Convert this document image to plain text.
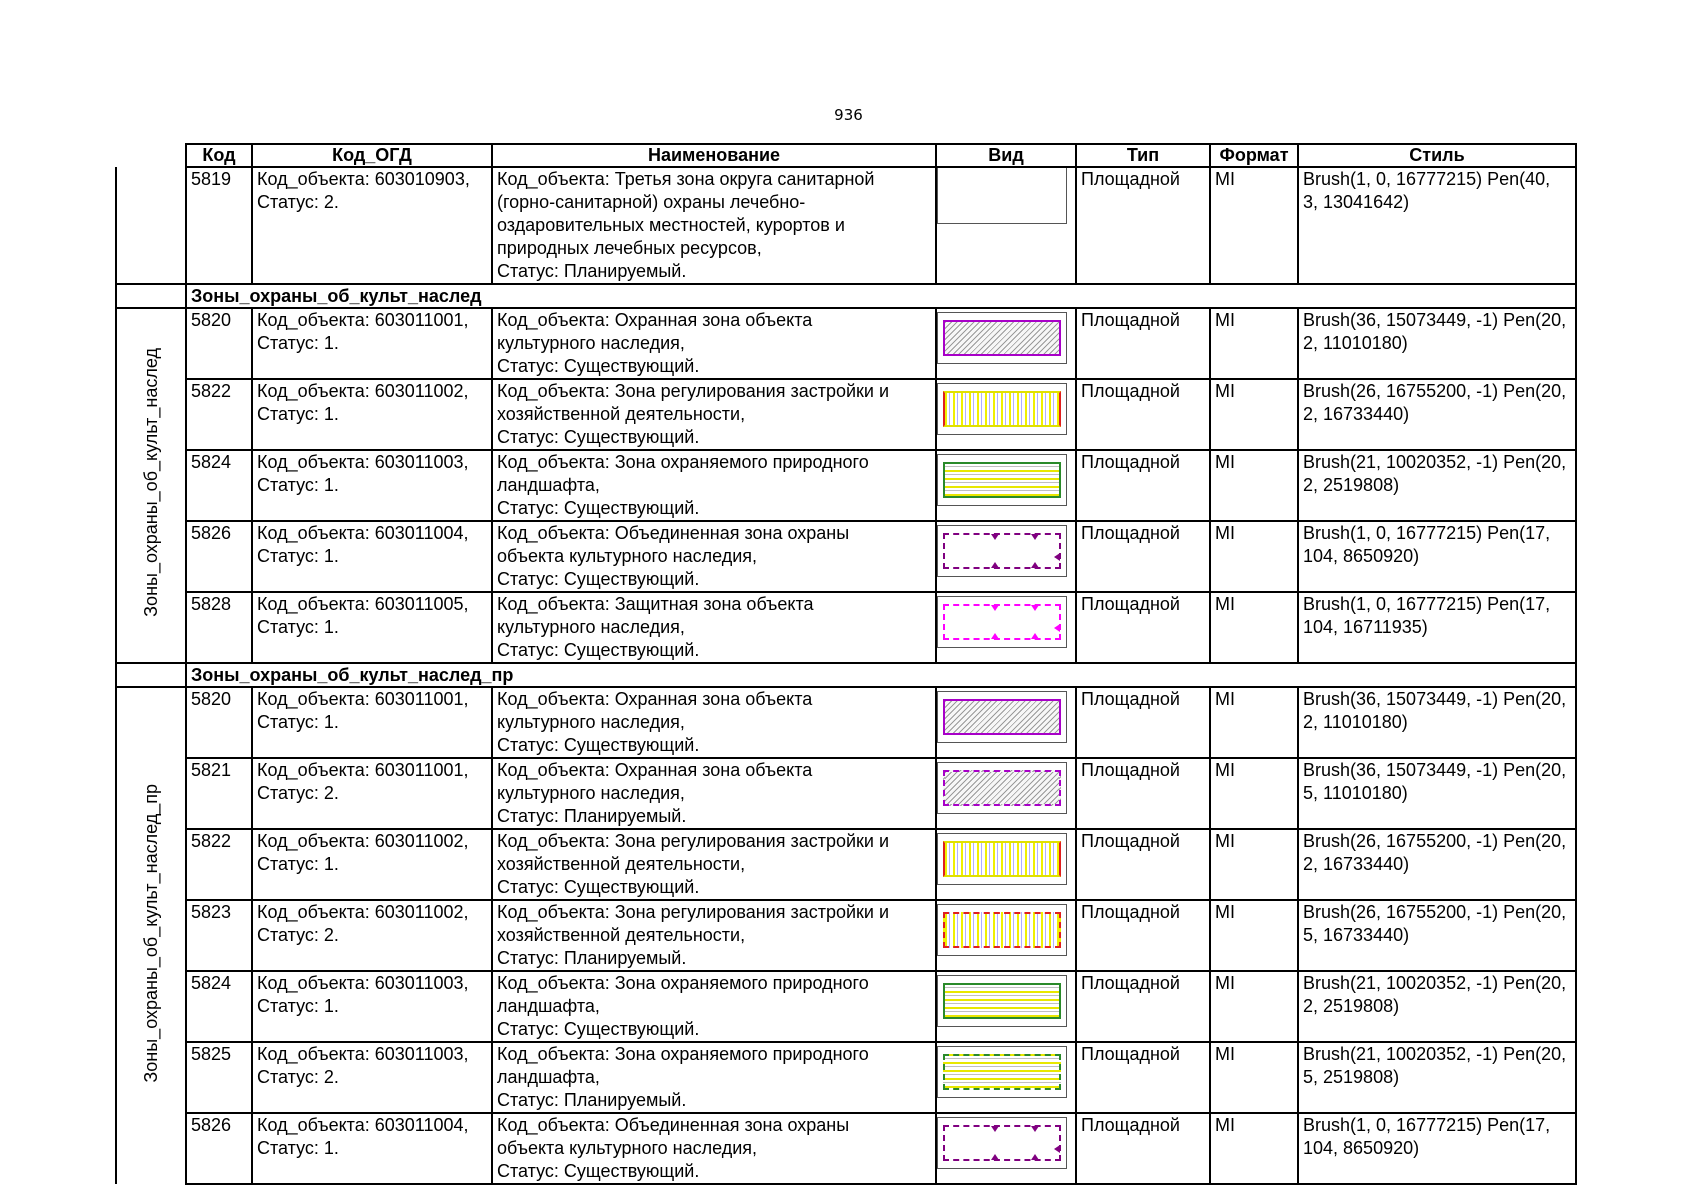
936
	Код	Код_ОГД	Наименование	Вид	Тип	Формат	Стиль
	5819	Код_объекта: 603010903,
Статус: 2.	Код_объекта: Третья зона округа санитарной
(горно-санитарной) охраны лечебно-
оздаровительных местностей, курортов и
природных лечебных ресурсов,
Статус: Планируемый.		Площадной	MI	Brush(1, 0, 16777215) Pen(40,
3, 13041642)

	Зоны_охраны_об_культ_наслед						
Зоны_охраны_об_культ_наслед	5820	Код_объекта: 603011001,
Статус: 1.	Код_объекта: Охранная зона объекта
культурного наследия,
Статус: Существующий.		Площадной	MI	Brush(36, 15073449, -1) Pen(20,
2, 11010180)

	5822	Код_объекта: 603011002,
Статус: 1.	Код_объекта: Зона регулирования застройки и
хозяйственной деятельности,
Статус: Существующий.		Площадной	MI	Brush(26, 16755200, -1) Pen(20,
2, 16733440)

	5824	Код_объекта: 603011003,
Статус: 1.	Код_объекта: Зона охраняемого природного
ландшафта,
Статус: Существующий.		Площадной	MI	Brush(21, 10020352, -1) Pen(20,
2, 2519808)

	5826	Код_объекта: 603011004,
Статус: 1.	Код_объекта: Объединенная зона охраны
объекта культурного наследия,
Статус: Существующий.		Площадной	MI	Brush(1, 0, 16777215) Pen(17,
104, 8650920)

	5828	Код_объекта: 603011005,
Статус: 1.	Код_объекта: Защитная зона объекта
культурного наследия,
Статус: Существующий.		Площадной	MI	Brush(1, 0, 16777215) Pen(17,
104, 16711935)

	Зоны_охраны_об_культ_наслед_пр						
Зоны_охраны_об_культ_наслед_пр	5820	Код_объекта: 603011001,
Статус: 1.	Код_объекта: Охранная зона объекта
культурного наследия,
Статус: Существующий.		Площадной	MI	Brush(36, 15073449, -1) Pen(20,
2, 11010180)

	5821	Код_объекта: 603011001,
Статус: 2.	Код_объекта: Охранная зона объекта
культурного наследия,
Статус: Планируемый.		Площадной	MI	Brush(36, 15073449, -1) Pen(20,
5, 11010180)

	5822	Код_объекта: 603011002,
Статус: 1.	Код_объекта: Зона регулирования застройки и
хозяйственной деятельности,
Статус: Существующий.		Площадной	MI	Brush(26, 16755200, -1) Pen(20,
2, 16733440)

	5823	Код_объекта: 603011002,
Статус: 2.	Код_объекта: Зона регулирования застройки и
хозяйственной деятельности,
Статус: Планируемый.		Площадной	MI	Brush(26, 16755200, -1) Pen(20,
5, 16733440)

	5824	Код_объекта: 603011003,
Статус: 1.	Код_объекта: Зона охраняемого природного
ландшафта,
Статус: Существующий.		Площадной	MI	Brush(21, 10020352, -1) Pen(20,
2, 2519808)

	5825	Код_объекта: 603011003,
Статус: 2.	Код_объекта: Зона охраняемого природного
ландшафта,
Статус: Планируемый.		Площадной	MI	Brush(21, 10020352, -1) Pen(20,
5, 2519808)

	5826	Код_объекта: 603011004,
Статус: 1.	Код_объекта: Объединенная зона охраны
объекта культурного наследия,
Статус: Существующий.		Площадной	MI	Brush(1, 0, 16777215) Pen(17,
104, 8650920)
